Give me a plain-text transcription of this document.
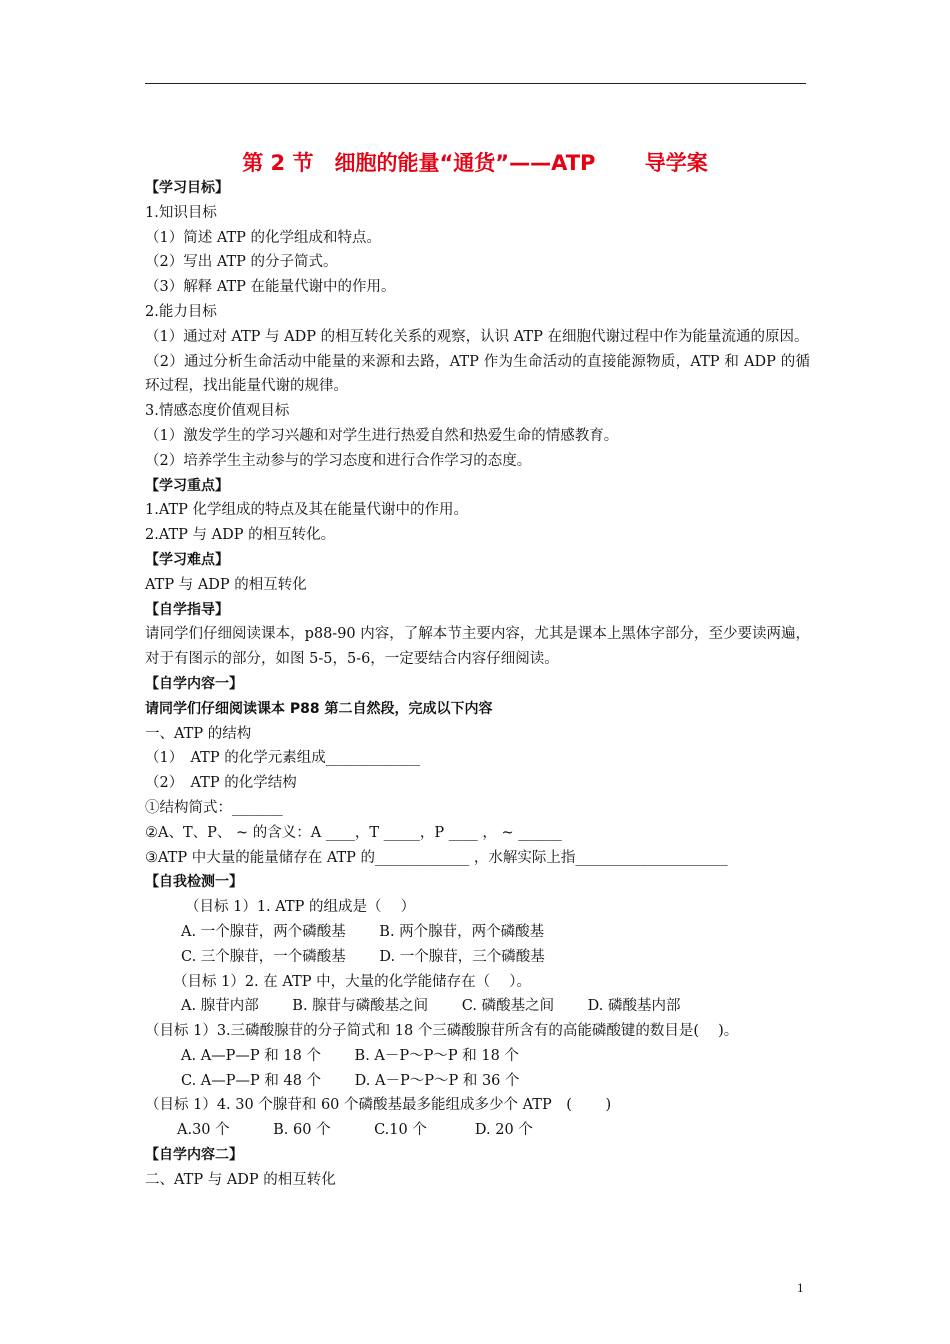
第 2 节　细胞的能量“通货”——ATP　　 导学案
【学习目标】
1.知识目标
（1）简述 ATP 的化学组成和特点。
（2）写出 ATP 的分子简式。
（3）解释 ATP 在能量代谢中的作用。
2.能力目标
（1）通过对 ATP 与 ADP 的相互转化关系的观察，认识 ATP 在细胞代谢过程中作为能量流通的原因。
（2）通过分析生命活动中能量的来源和去路，ATP 作为生命活动的直接能源物质，ATP 和 ADP 的循环过程，找出能量代谢的规律。
3.情感态度价值观目标
（1）激发学生的学习兴趣和对学生进行热爱自然和热爱生命的情感教育。
（2）培养学生主动参与的学习态度和进行合作学习的态度。
【学习重点】
1.ATP 化学组成的特点及其在能量代谢中的作用。
2.ATP 与 ADP 的相互转化。
【学习难点】
ATP 与 ADP 的相互转化
【自学指导】
请同学们仔细阅读课本，p88-90 内容，了解本节主要内容，尤其是课本上黑体字部分，至少要读两遍，对于有图示的部分，如图 5-5，5-6，一定要结合内容仔细阅读。
【自学内容一】
请同学们仔细阅读课本 P88 第二自然段，完成以下内容
一、ATP 的结构
（1）　ATP 的化学元素组成_____________
（2）　ATP 的化学结构
①结构简式：_______
②A、T、P、 ~ 的含义：A ____，T _____，P ____ ， ~ ______
③ATP 中大量的能量储存在 ATP 的_____________ ，水解实际上指_____________________
【自我检测一】
（目标 1）1. ATP 的组成是（　 ）
A. 一个腺苷，两个磷酸基　　 B. 两个腺苷，两个磷酸基
C. 三个腺苷，一个磷酸基　　 D. 一个腺苷，三个磷酸基
（目标 1）2. 在 ATP 中，大量的化学能储存在（　 ）。
A. 腺苷内部　　 B. 腺苷与磷酸基之间　　 C. 磷酸基之间　　 D. 磷酸基内部
（目标 1）3.三磷酸腺苷的分子简式和 18 个三磷酸腺苷所含有的高能磷酸键的数目是(　 )。
A. A—P—P 和 18 个　　 B. A－P～P～P 和 18 个
C. A—P—P 和 48 个　　 D. A－P～P～P 和 36 个
（目标 1）4. 30 个腺苷和 60 个磷酸基最多能组成多少个 ATP　(　　 )
A.30 个　　　B. 60 个　　　C.10 个　　　 D. 20 个
【自学内容二】
二、ATP 与 ADP 的相互转化
1
